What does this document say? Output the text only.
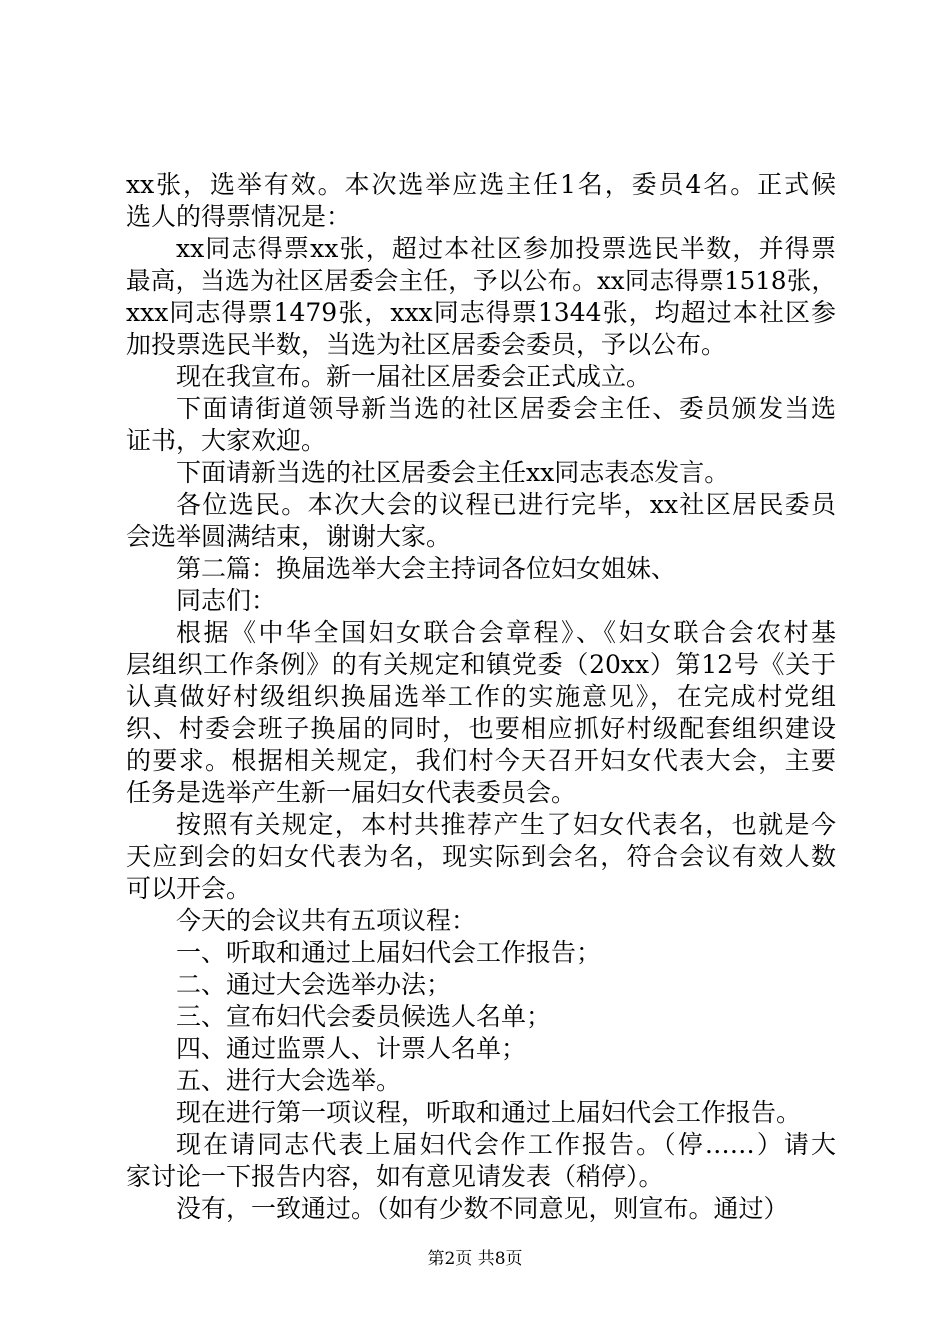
xx张，选举有效。本次选举应选主任1名，委员4名。正式候

选人的得票情况是：

xx同志得票xx张，超过本社区参加投票选民半数，并得票

最高，当选为社区居委会主任，予以公布。xx同志得票1518张，

xxx同志得票1479张，xxx同志得票1344张，均超过本社区参

加投票选民半数，当选为社区居委会委员，予以公布。

现在我宣布。新一届社区居委会正式成立。

下面请街道领导新当选的社区居委会主任、委员颁发当选

证书，大家欢迎。

下面请新当选的社区居委会主任xx同志表态发言。

各位选民。本次大会的议程已进行完毕，xx社区居民委员

会选举圆满结束，谢谢大家。

第二篇：换届选举大会主持词各位妇女姐妹、

同志们：

根据《中华全国妇女联合会章程》、《妇女联合会农村基

层组织工作条例》的有关规定和镇党委（20xx）第12号《关于

认真做好村级组织换届选举工作的实施意见》，在完成村党组

织、村委会班子换届的同时，也要相应抓好村级配套组织建设

的要求。根据相关规定，我们村今天召开妇女代表大会，主要

任务是选举产生新一届妇女代表委员会。

按照有关规定，本村共推荐产生了妇女代表名，也就是今

天应到会的妇女代表为名，现实际到会名，符合会议有效人数

可以开会。

今天的会议共有五项议程：

一、听取和通过上届妇代会工作报告；

二、通过大会选举办法；

三、宣布妇代会委员候选人名单；

四、通过监票人、计票人名单；

五、进行大会选举。

现在进行第一项议程，听取和通过上届妇代会工作报告。

现在请同志代表上届妇代会作工作报告。（停……）请大

家讨论一下报告内容，如有意见请发表（稍停）。

没有，一致通过。（如有少数不同意见，则宣布。通过）

第2页 共8页
